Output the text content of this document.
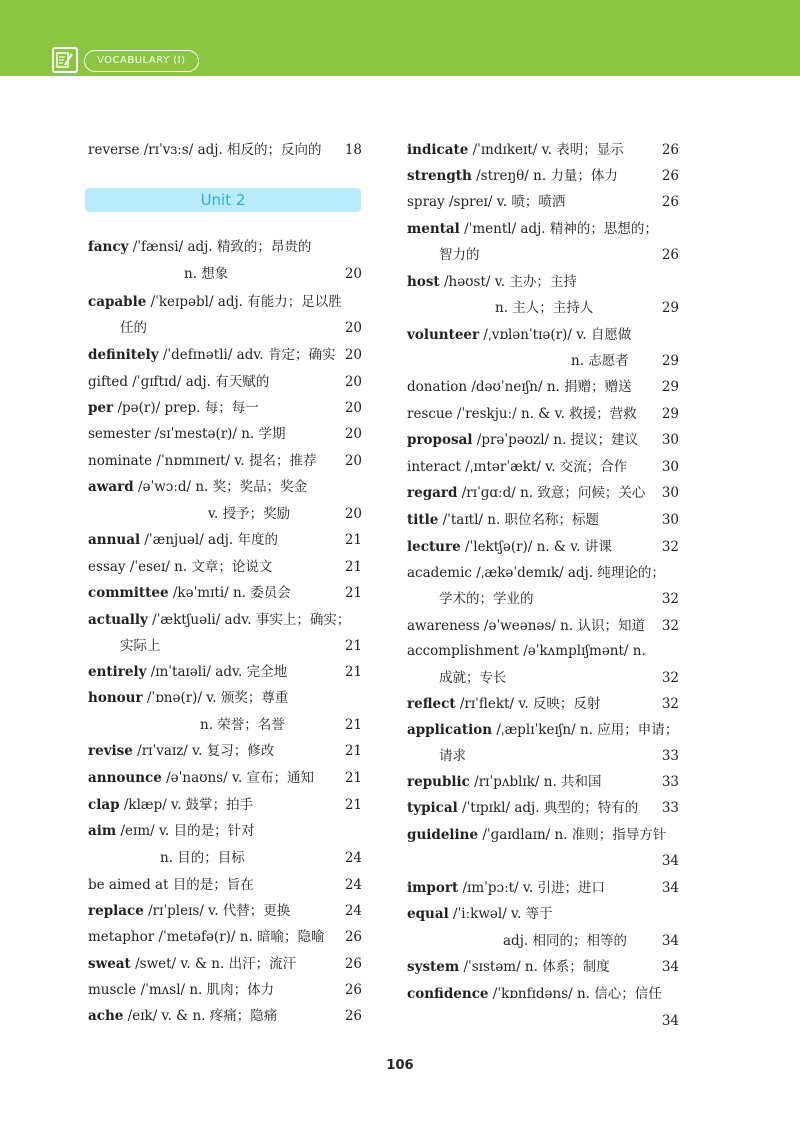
VOCABULARY (I)
reverse /rɪˈvɜːs/ adj. 相反的；反向的 18
fancy /ˈfænsi/ adj. 精致的；昂贵的
n. 想象	20
capable /ˈkeɪpəbl/ adj. 有能力；足以胜
任的	20
definitely /ˈdefɪnətli/ adv. 肯定；确实 20
gifted /ˈɡɪftɪd/ adj. 有天赋的	20
per /pə(r)/ prep. 每；每一	20
semester /sɪˈmestə(r)/ n. 学期	20
nominate /ˈnɒmɪneɪt/ v. 提名；推荐 20
award /əˈwɔːd/ n. 奖；奖品；奖金
v. 授予；奖励	20
annual /ˈænjuəl/ adj. 年度的	21
essay /ˈeseɪ/ n. 文章；论说文	21
committee /kəˈmɪti/ n. 委员会	21
actually /ˈæktʃuəli/ adv. 事实上；确实；
实际上	21
entirely /ɪnˈtaɪəli/ adv. 完全地	21
honour /ˈɒnə(r)/ v. 颁奖；尊重
n. 荣誉；名誉	21
revise /rɪˈvaɪz/ v. 复习；修改	21
announce /əˈnaʊns/ v. 宣布；通知 21
clap /klæp/ v. 鼓掌；拍手	21
aim /eɪm/ v. 目的是；针对
n. 目的；目标	24
be aimed at 目的是；旨在	24
replace /rɪˈpleɪs/ v. 代替；更换	24
metaphor /ˈmetəfə(r)/ n. 暗喻；隐喻 26
sweat /swet/ v. & n. 出汗；流汗	26
muscle /ˈmʌsl/ n. 肌肉；体力	26
ache /eɪk/ v. & n. 疼痛；隐痛	26
Unit 2
indicate /ˈɪndɪkeɪt/ v. 表明；显示	26
strength /streŋθ/ n. 力量；体力	26
spray /spreɪ/ v. 喷；喷洒	26
mental /ˈmentl/ adj. 精神的；思想的；
智力的	26
host /həʊst/ v. 主办；主持
n. 主人；主持人	29
volunteer /ˌvɒlənˈtɪə(r)/ v. 自愿做
n. 志愿者 29
donation /dəʊˈneɪʃn/ n. 捐赠；赠送 29
rescue /ˈreskjuː/ n. & v. 救援；营救 29
proposal /prəˈpəʊzl/ n. 提议；建议 30
interact /ˌɪntərˈækt/ v. 交流；合作	30
regard /rɪˈɡɑːd/ n. 致意；问候；关心 30
title /ˈtaɪtl/ n. 职位名称；标题	30
lecture /ˈlektʃə(r)/ n. & v. 讲课	32
academic /ˌækəˈdemɪk/ adj. 纯理论的；
学术的；学业的	32
awareness /əˈweənəs/ n. 认识；知道 32
accomplishment /əˈkʌmplɪʃmənt/ n.
成就；专长	32
reflect /rɪˈflekt/ v. 反映；反射	32
application /ˌæplɪˈkeɪʃn/ n. 应用；申请；
请求	33
republic /rɪˈpʌblɪk/ n. 共和国	33
typical /ˈtɪpɪkl/ adj. 典型的；特有的 33
guideline /ˈɡaɪdlaɪn/ n. 准则；指导方针
34
import /ɪmˈpɔːt/ v. 引进；进口	34
equal /ˈiːkwəl/ v. 等于
adj. 相同的；相等的	34
system /ˈsɪstəm/ n. 体系；制度	34
confidence /ˈkɒnfɪdəns/ n. 信心；信任
34
106
